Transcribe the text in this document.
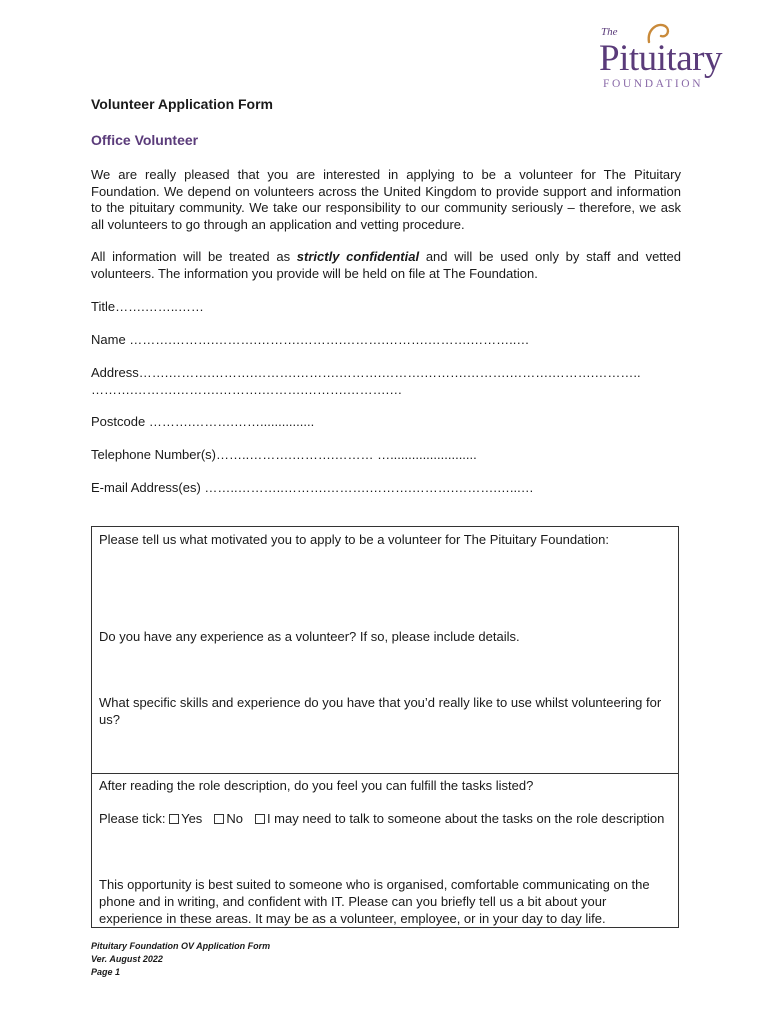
The
Pituitary
FOUNDATION
Volunteer Application Form
Office Volunteer

We are really pleased that you are interested in applying to be a volunteer for The Pituitary Foundation. We depend on volunteers across the United Kingdom to provide support and information to the pituitary community. We take our responsibility to our community seriously – therefore, we ask all volunteers to go through an application and vetting procedure.

All information will be treated as strictly confidential and will be used only by staff and vetted volunteers. The information you provide will be held on file at The Foundation.

Title…….……..……
Name ……….……….……….……….……….……….……….……….………..…
Address…….……….……….……….……….……….……….……….……….……….……….………..
……….……….……….……….……….……….……….…
Postcode ……….……….……...............
Telephone Number(s)……..……….……….……… …........................
E-mail Address(es) ……..………..……….……….……….……….……….…...…

Please tell us what motivated you to apply to be a volunteer for The Pituitary Foundation:

Do you have any experience as a volunteer? If so, please include details.

What specific skills and experience do you have that you’d really like to use whilst volunteering for us?

After reading the role description, do you feel you can fulfill the tasks listed?

Please tick: Yes No I may need to talk to someone about the tasks on the role description

This opportunity is best suited to someone who is organised, comfortable communicating on the phone and in writing, and confident with IT. Please can you briefly tell us a bit about your experience in these areas. It may be as a volunteer, employee, or in your day to day life.

Pituitary Foundation OV Application Form
Ver. August 2022
Page 1
